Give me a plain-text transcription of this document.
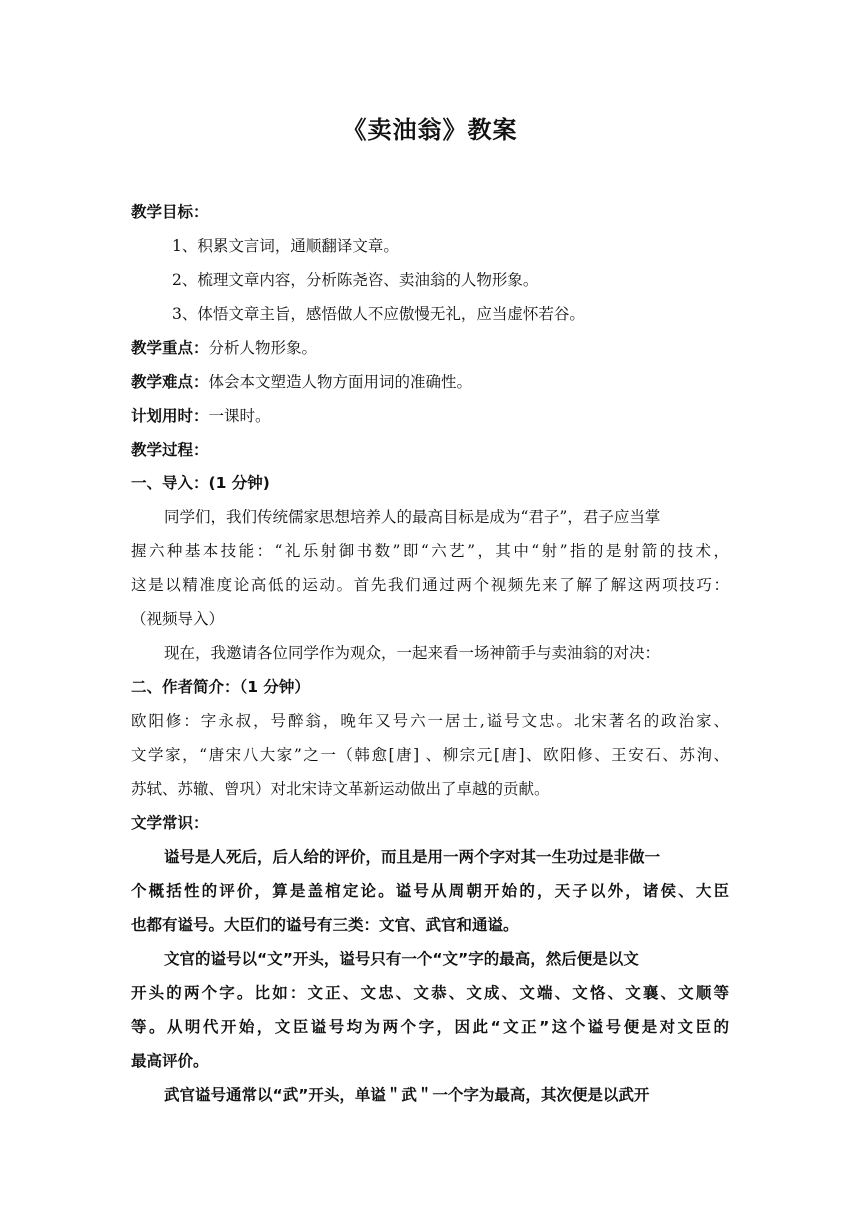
《卖油翁》教案
教学目标：
1、积累文言词，通顺翻译文章。
2、梳理文章内容，分析陈尧咨、卖油翁的人物形象。
3、体悟文章主旨，感悟做人不应傲慢无礼，应当虚怀若谷。
教学重点：分析人物形象。
教学难点：体会本文塑造人物方面用词的准确性。
计划用时：一课时。
教学过程：
一、导入：(1 分钟)
同学们，我们传统儒家思想培养人的最高目标是成为“君子”，君子应当掌
握六种基本技能：“礼乐射御书数”即“六艺”，其中“射”指的是射箭的技术，
这是以精准度论高低的运动。首先我们通过两个视频先来了解了解这两项技巧：
（视频导入）
现在，我邀请各位同学作为观众，一起来看一场神箭手与卖油翁的对决：
二、作者简介：（1 分钟）
欧阳修：字永叔，号醉翁，晚年又号六一居士,谥号文忠。北宋著名的政治家、
文学家，“唐宋八大家”之一（韩愈[唐] 、柳宗元[唐]、欧阳修、王安石、苏洵、
苏轼、苏辙、曾巩）对北宋诗文革新运动做出了卓越的贡献。
文学常识：
谥号是人死后，后人给的评价，而且是用一两个字对其一生功过是非做一
个概括性的评价，算是盖棺定论。谥号从周朝开始的，天子以外，诸侯、大臣
也都有谥号。大臣们的谥号有三类：文官、武官和通谥。
文官的谥号以“文”开头，谥号只有一个“文”字的最高，然后便是以文
开头的两个字。比如：文正、文忠、文恭、文成、文端、文恪、文襄、文顺等
等。从明代开始，文臣谥号均为两个字，因此“文正”这个谥号便是对文臣的
最高评价。
武官谥号通常以“武”开头，单谥＂武＂一个字为最高，其次便是以武开
